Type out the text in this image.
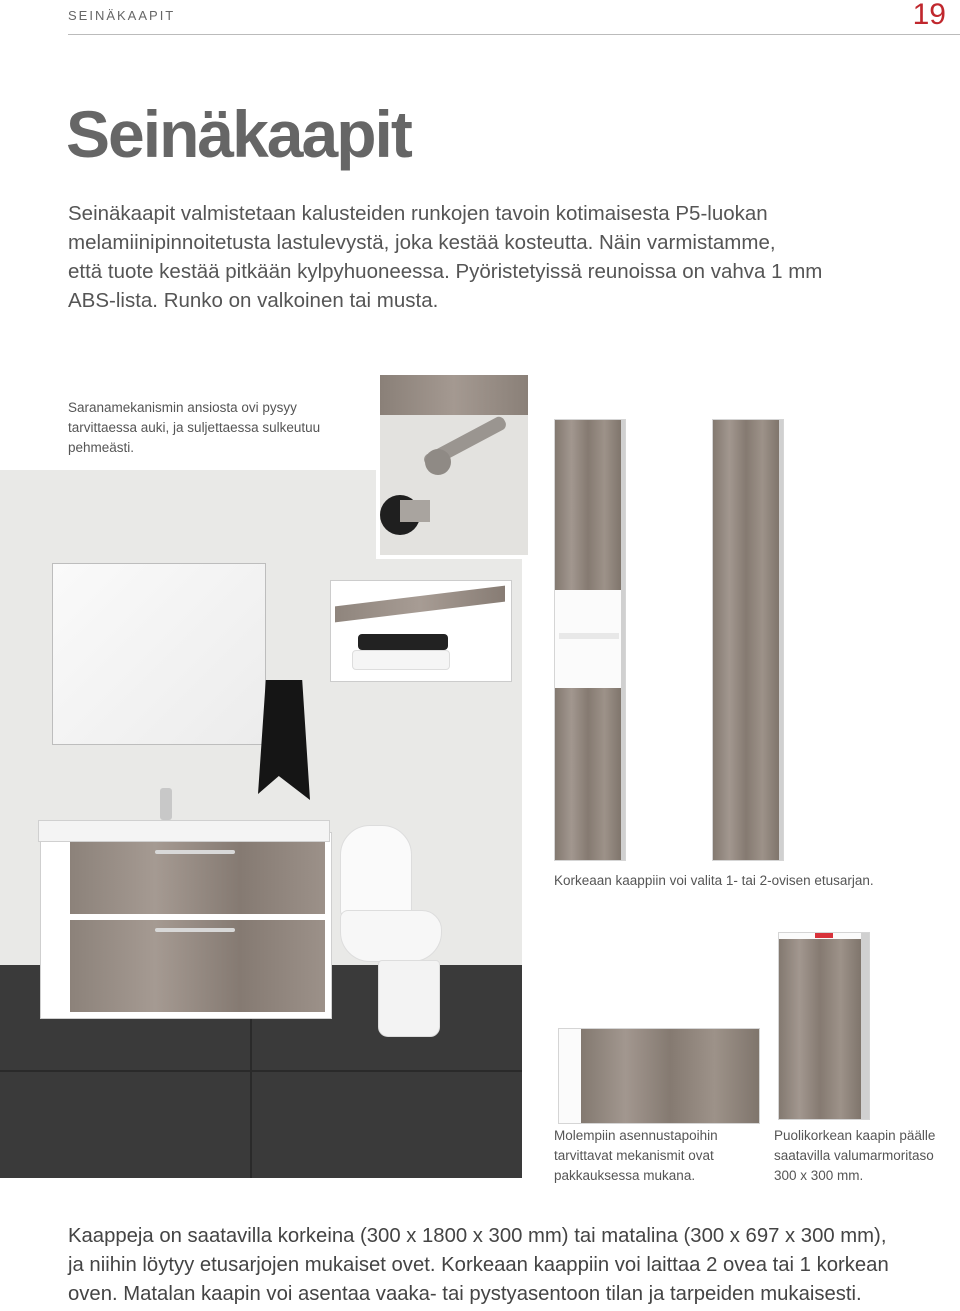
SEINÄKAAPIT	19
Seinäkaapit
Seinäkaapit valmistetaan kalusteiden runkojen tavoin kotimaisesta P5-luokan
melamiinipinnoitetusta lastulevystä, joka kestää kosteutta. Näin varmistamme,
että tuote kestää pitkään kylpyhuoneessa. Pyöristetyissä reunoissa on vahva 1 mm
ABS-lista. Runko on valkoinen tai musta.
Saranamekanismin ansiosta ovi pysyy
tarvittaessa auki, ja suljettaessa sulkeutuu
pehmeästi.
Korkeaan kaappiin voi valita 1- tai 2-ovisen etusarjan.
Molempiin asennustapoihin
tarvittavat mekanismit ovat
pakkauksessa mukana.
Puolikorkean kaapin päälle
saatavilla valumarmoritaso
300 x 300 mm.
Kaappeja on saatavilla korkeina (300 x 1800 x 300 mm) tai matalina (300 x 697 x 300 mm),
ja niihin löytyy etusarjojen mukaiset ovet. Korkeaan kaappiin voi laittaa 2 ovea tai 1 korkean
oven. Matalan kaapin voi asentaa vaaka- tai pystyasentoon tilan ja tarpeiden mukaisesti.
